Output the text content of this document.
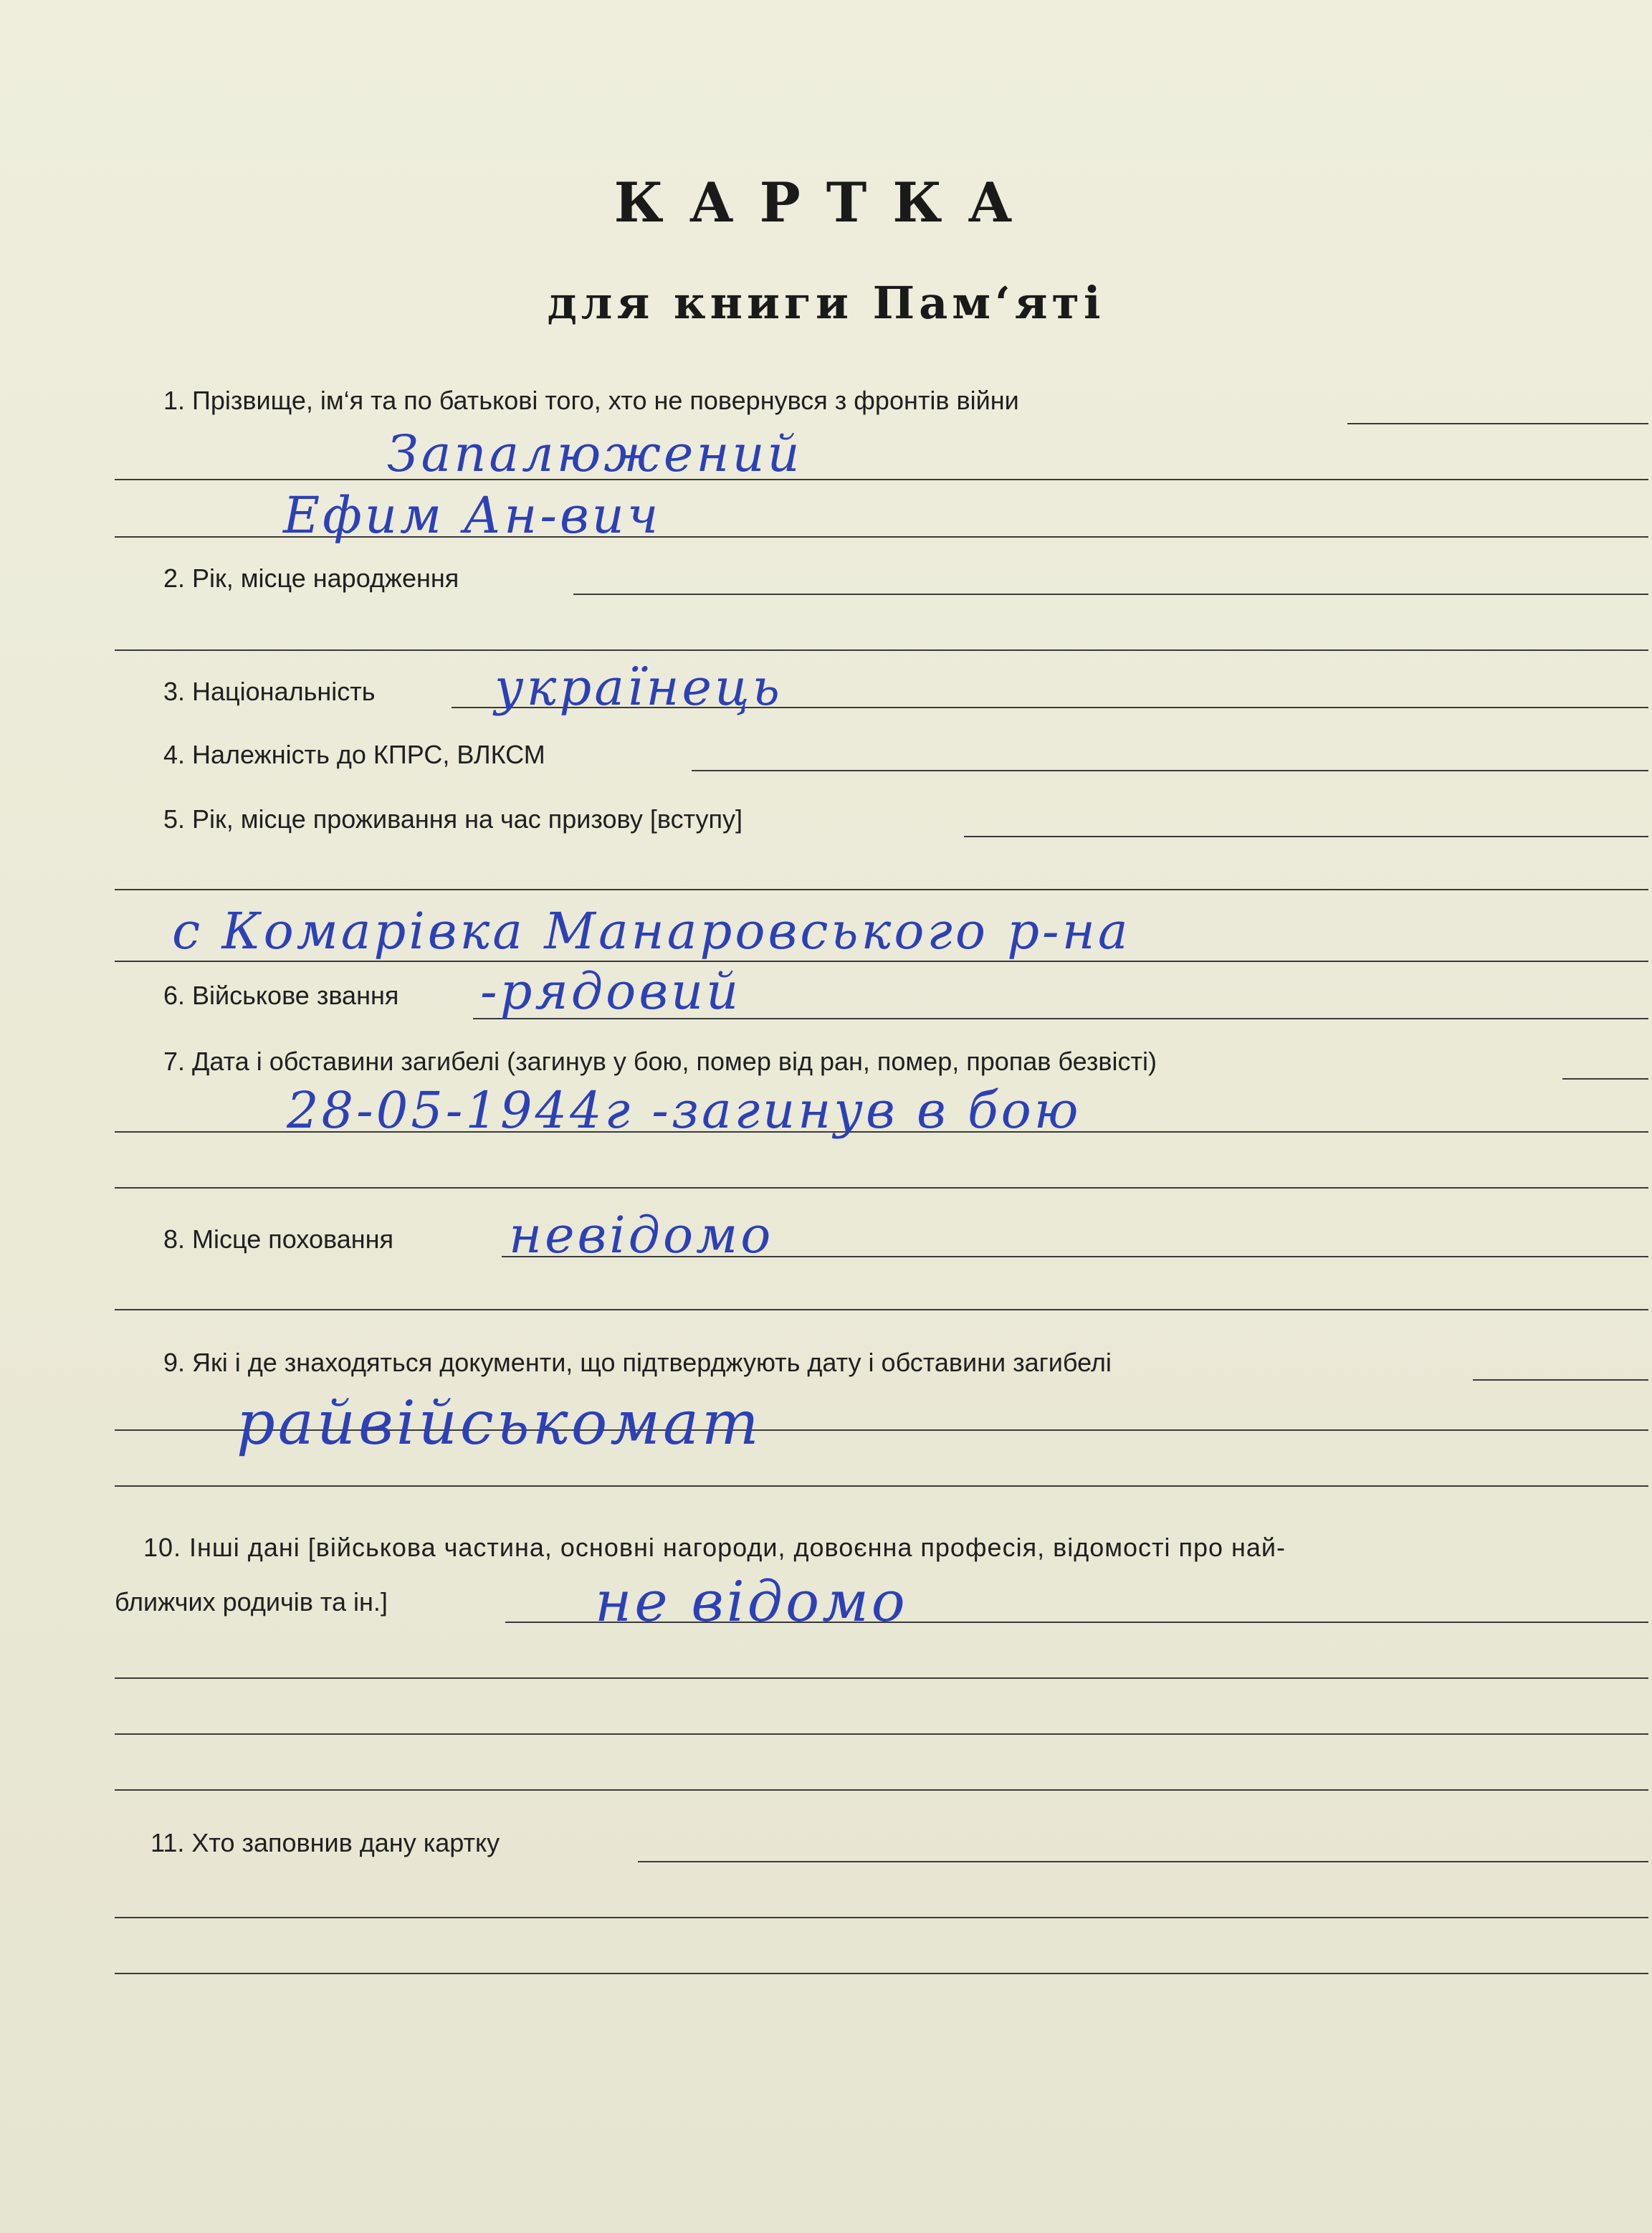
КАРТКА
для книги Пам‘яті
1. Прізвище, ім‘я та по батькові того, хто не повернувся з фронтів війни
Запалюжений
Ефим Ан-вич
2. Рік, місце народження
3. Національність українець
4. Належність до КПРС, ВЛКСМ
5. Рік, місце проживання на час призову [вступу]
с Комарівка Манаровського р-на
6. Військове звання -рядовий
7. Дата і обставини загибелі (загинув у бою, помер від ран, помер, пропав безвісті)
28-05-1944г -загинув в бою
8. Місце поховання невідомо
9. Які і де знаходяться документи, що підтверджують дату і обставини загибелі
райвійськомат
10. Інші дані [військова частина, основні нагороди, довоєнна професія, відомості про най-
ближчих родичів та ін.]	не відомо
11. Хто заповнив дану картку
